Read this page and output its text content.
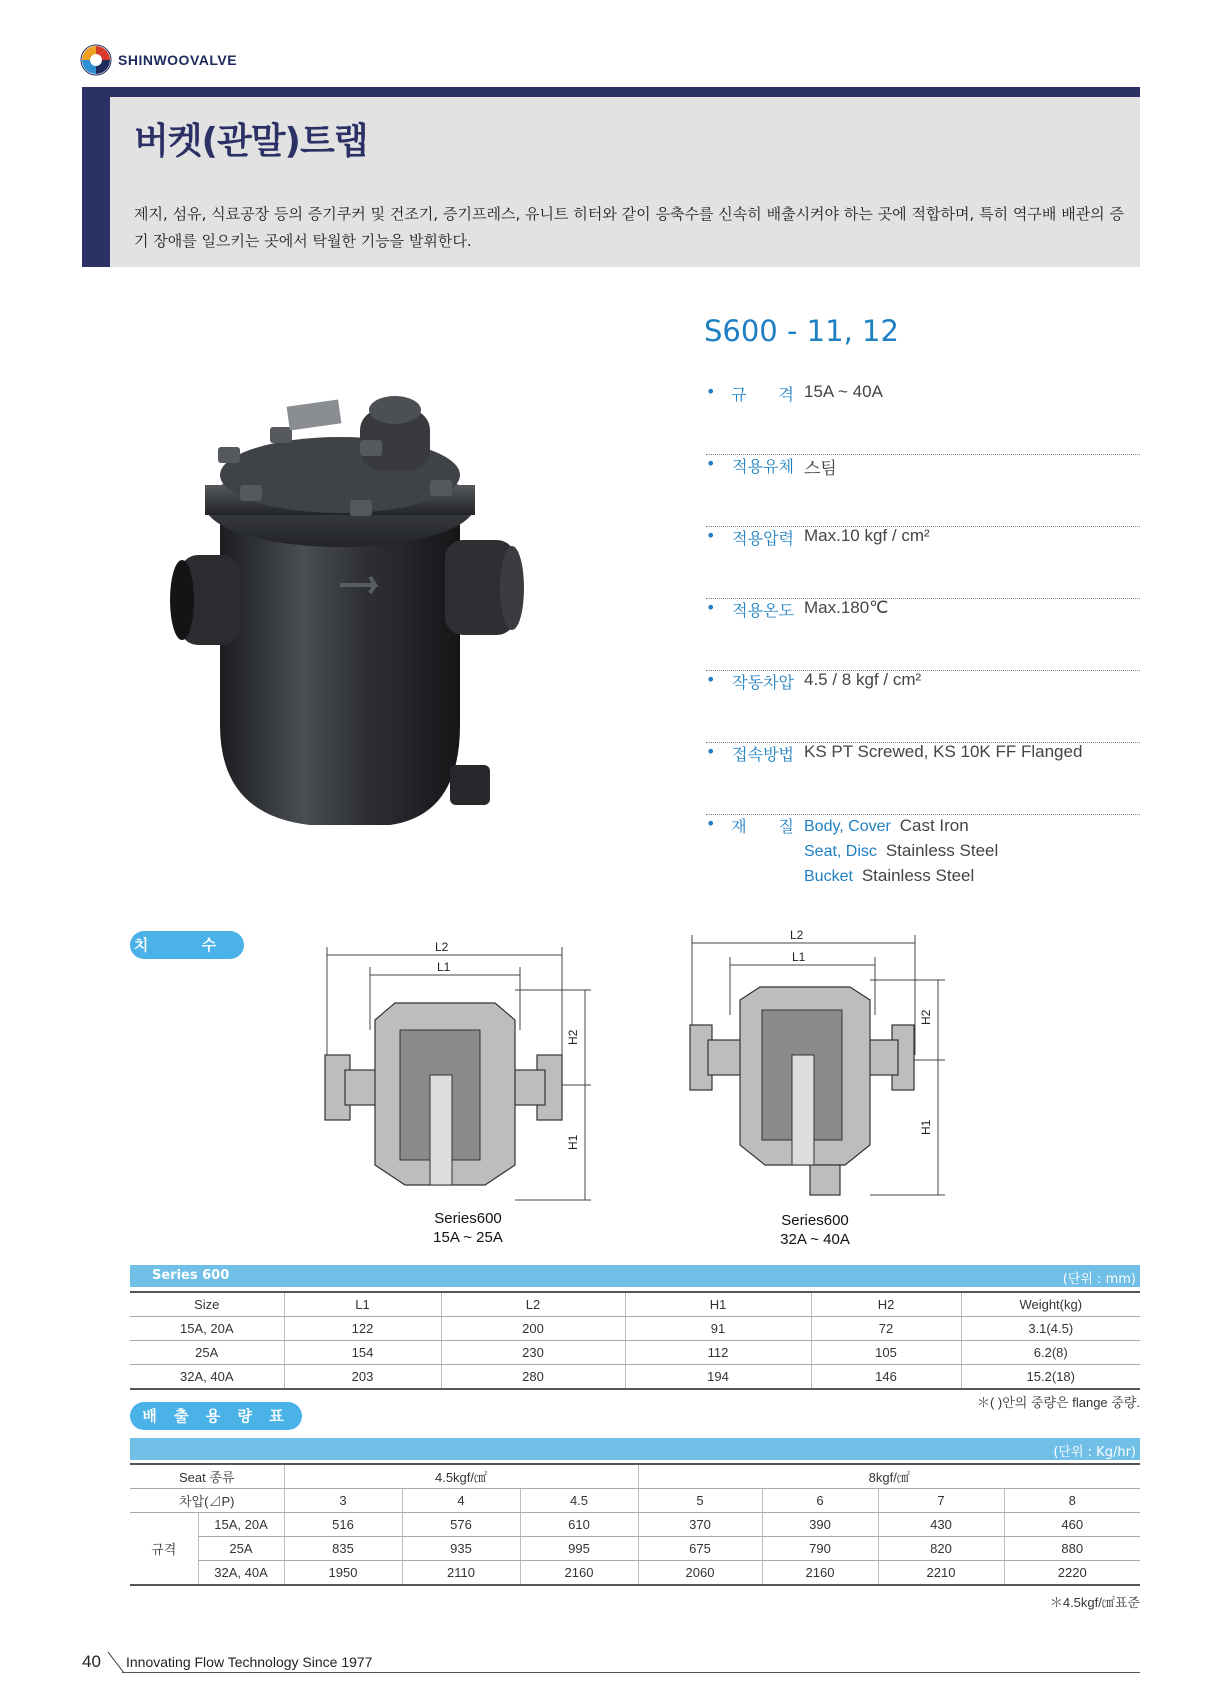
SHINWOOVALVE
버켓(관말)트랩

제지, 섬유, 식료공장 등의 증기쿠커 및 건조기, 증기프레스, 유니트 히터와 같이 응축수를 신속히 배출시켜야 하는 곳에 적합하며, 특히 역구배 배관의 증기 장애를 일으키는 곳에서 탁월한 기능을 발휘한다.

S600 - 11, 12
• 규　　격 15A ~ 40A
• 적용유체 스팀
• 적용압력 Max.10 kgf / cm²
• 적용온도 Max.180℃
• 작동차압 4.5 / 8 kgf / cm²
• 접속방법 KS PT Screwed, KS 10K FF Flanged
• 재　　질 Body, Cover Cast Iron
Seat, Disc Stainless Steel
Bucket Stainless Steel
치 수	L2
L1
H2
H1
Series600
15A ~ 25A
L2
L1
H2
H1
Series600
32A ~ 40A
Series 600	(단위 : mm)
Size	L1	L2	H1	H2	Weight(kg)
15A, 20A	122	200	91	72	3.1(4.5)
25A	154	230	112	105	6.2(8)
32A, 40A	203	280	194	146	15.2(18)
＊( )안의 중량은 flange 중량.
배 출 용 량 표
(단위 : Kg/hr)
Seat 종류		4.5kgf/㎠			8kgf/㎠			
차압(⊿P)		3	4	4.5	5	6	7	8
규격	15A, 20A	516	576	610	370	390	430	460
	25A	835	935	995	675	790	820	880
	32A, 40A	1950	2110	2160	2060	2160	2210	2220
＊4.5kgf/㎠표준
40 Innovating Flow Technology Since 1977
